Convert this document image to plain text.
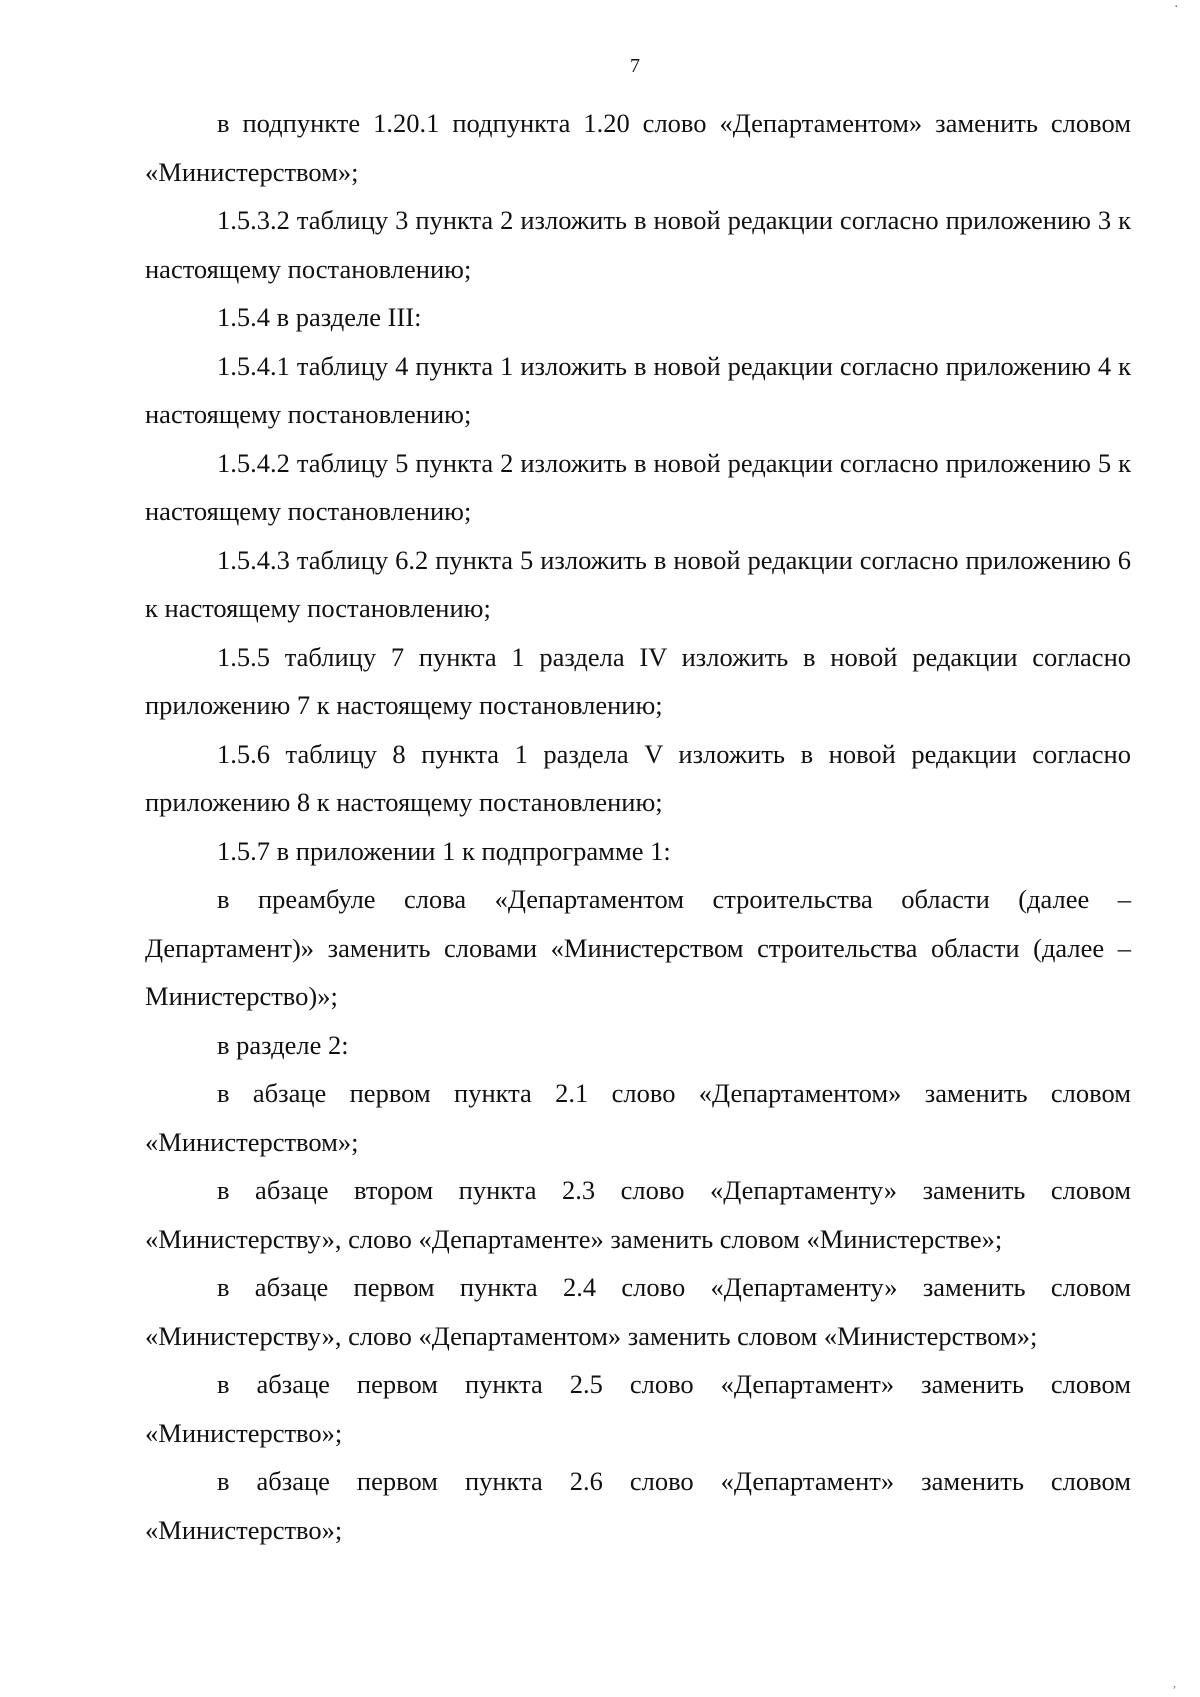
.
7

в подпункте 1.20.1 подпункта 1.20 слово «Департаментом» заменить словом «Министерством»;

1.5.3.2 таблицу 3 пункта 2 изложить в новой редакции согласно приложению 3 к настоящему постановлению;

1.5.4 в разделе III:

1.5.4.1 таблицу 4 пункта 1 изложить в новой редакции согласно приложению 4 к настоящему постановлению;

1.5.4.2 таблицу 5 пункта 2 изложить в новой редакции согласно приложению 5 к настоящему постановлению;

1.5.4.3 таблицу 6.2 пункта 5 изложить в новой редакции согласно приложению 6 к настоящему постановлению;

1.5.5 таблицу 7 пункта 1 раздела IV изложить в новой редакции согласно приложению 7 к настоящему постановлению;

1.5.6 таблицу 8 пункта 1 раздела V изложить в новой редакции согласно приложению 8 к настоящему постановлению;

1.5.7 в приложении 1 к подпрограмме 1:

в преамбуле слова «Департаментом строительства области (далее – Департамент)» заменить словами «Министерством строительства области (далее – Министерство)»;

в разделе 2:

в абзаце первом пункта 2.1 слово «Департаментом» заменить словом «Министерством»;

в абзаце втором пункта 2.3 слово «Департаменту» заменить словом «Министерству», слово «Департаменте» заменить словом «Министерстве»;

в абзаце первом пункта 2.4 слово «Департаменту» заменить словом «Министерству», слово «Департаментом» заменить словом «Министерством»;

в абзаце первом пункта 2.5 слово «Департамент» заменить словом «Министерство»;

в абзаце первом пункта 2.6 слово «Департамент» заменить словом «Министерство»;

,
